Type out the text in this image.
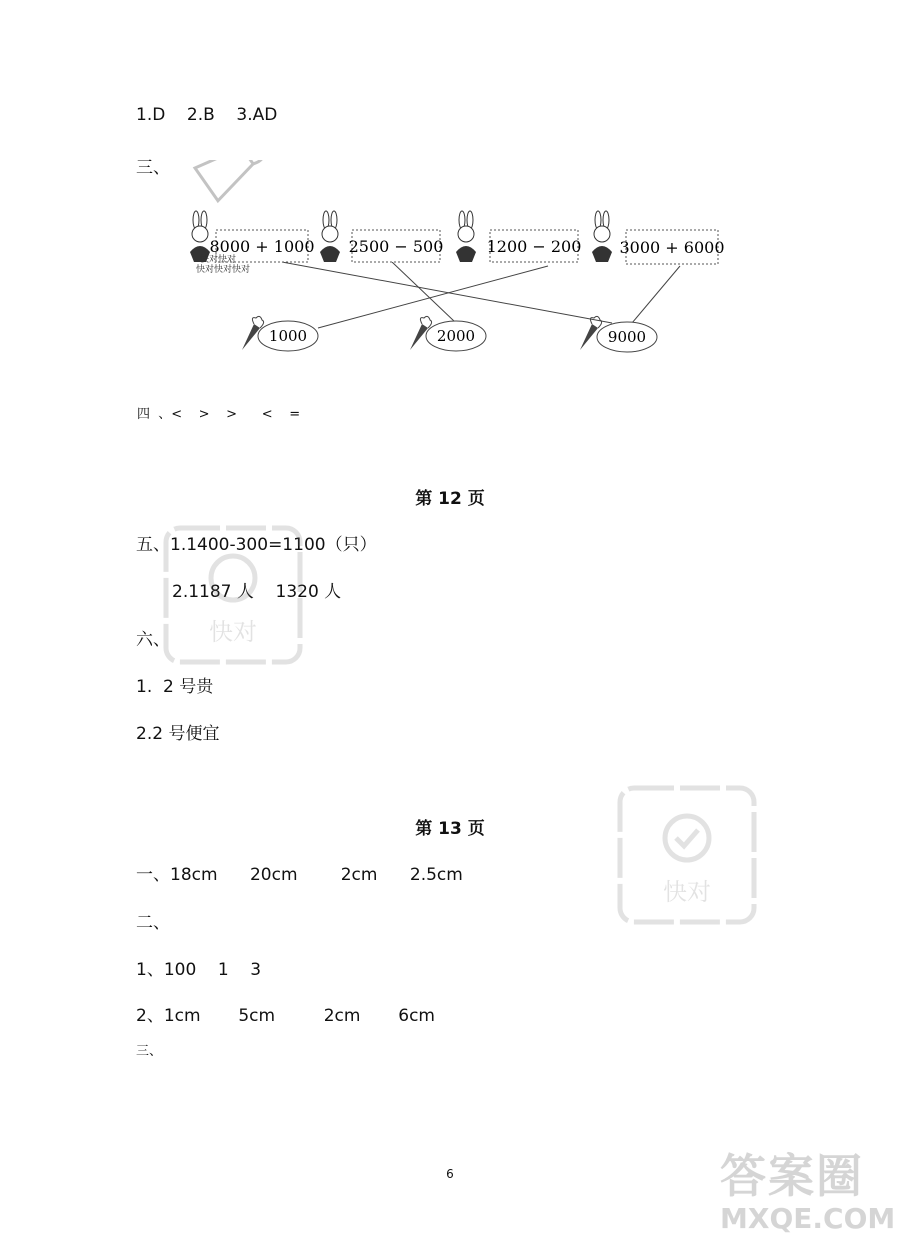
1.D    2.B    3.AD
三、
8000 + 1000 2500 − 500	1200 − 200 3000 + 6000
快对快对
快对快对快对
1000	2000	9000
四  、<    >    >      <    =
第 12 页
五、1.1400-300=1100（只）
2.1187 人    1320 人
六、
1.  2 号贵
2.2 号便宜
第 13 页
一、18cm      20cm        2cm      2.5cm
二、
1、100    1    3
2、1cm       5cm         2cm       6cm
三、
快对
快对
6	答案圈
MXQE.COM
